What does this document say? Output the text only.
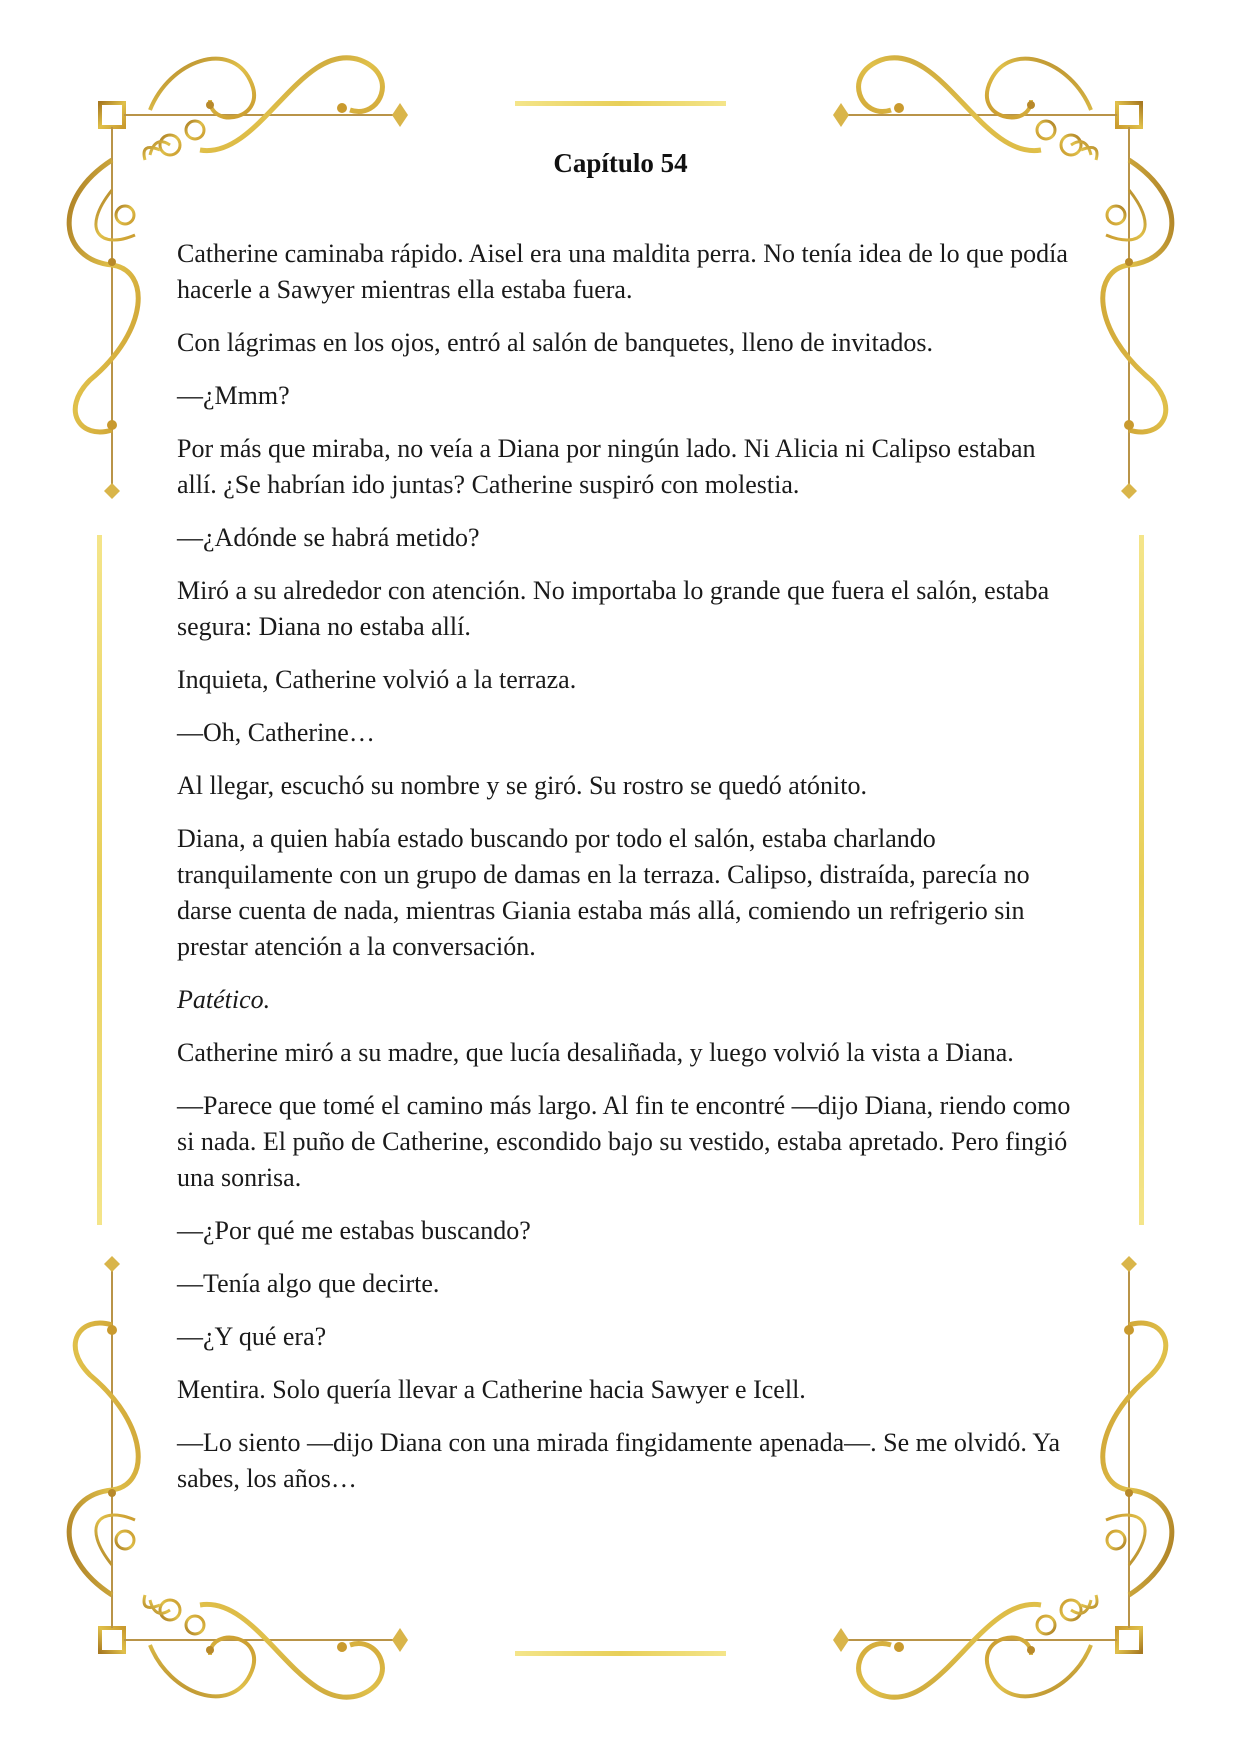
Capítulo 54

Catherine caminaba rápido. Aisel era una maldita perra. No tenía idea de lo que podía hacerle a Sawyer mientras ella estaba fuera.

Con lágrimas en los ojos, entró al salón de banquetes, lleno de invitados.

—¿Mmm?

Por más que miraba, no veía a Diana por ningún lado. Ni Alicia ni Calipso estaban allí. ¿Se habrían ido juntas? Catherine suspiró con molestia.

—¿Adónde se habrá metido?

Miró a su alrededor con atención. No importaba lo grande que fuera el salón, estaba segura: Diana no estaba allí.

Inquieta, Catherine volvió a la terraza.

—Oh, Catherine…

Al llegar, escuchó su nombre y se giró. Su rostro se quedó atónito.

Diana, a quien había estado buscando por todo el salón, estaba charlando tranquilamente con un grupo de damas en la terraza. Calipso, distraída, parecía no darse cuenta de nada, mientras Giania estaba más allá, comiendo un refrigerio sin prestar atención a la conversación.

Patético.

Catherine miró a su madre, que lucía desaliñada, y luego volvió la vista a Diana.

—Parece que tomé el camino más largo. Al fin te encontré —dijo Diana, riendo como si nada. El puño de Catherine, escondido bajo su vestido, estaba apretado. Pero fingió una sonrisa.

—¿Por qué me estabas buscando?

—Tenía algo que decirte.

—¿Y qué era?

Mentira. Solo quería llevar a Catherine hacia Sawyer e Icell.

—Lo siento —dijo Diana con una mirada fingidamente apenada—. Se me olvidó. Ya sabes, los años…
